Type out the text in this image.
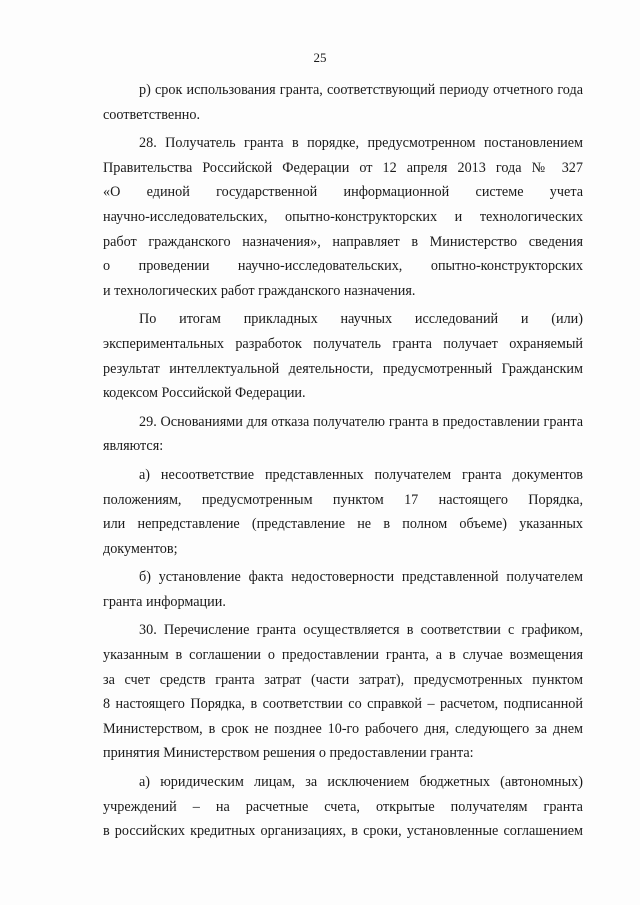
25
р) срок использования гранта, соответствующий периоду отчетного года
соответственно.
28. Получатель гранта в порядке, предусмотренном постановлением
Правительства Российской Федерации от 12 апреля 2013 года № 327
«О единой государственной информационной системе учета
научно-исследовательских, опытно-конструкторских и технологических
работ гражданского назначения», направляет в Министерство сведения
о проведении научно-исследовательских, опытно-конструкторских
и технологических работ гражданского назначения.
По итогам прикладных научных исследований и (или)
экспериментальных разработок получатель гранта получает охраняемый
результат интеллектуальной деятельности, предусмотренный Гражданским
кодексом Российской Федерации.
29. Основаниями для отказа получателю гранта в предоставлении гранта
являются:
а) несоответствие представленных получателем гранта документов
положениям, предусмотренным пунктом 17 настоящего Порядка,
или непредставление (представление не в полном объеме) указанных
документов;
б) установление факта недостоверности представленной получателем
гранта информации.
30. Перечисление гранта осуществляется в соответствии с графиком,
указанным в соглашении о предоставлении гранта, а в случае возмещения
за счет средств гранта затрат (части затрат), предусмотренных пунктом
8 настоящего Порядка, в соответствии со справкой – расчетом, подписанной
Министерством, в срок не позднее 10-го рабочего дня, следующего за днем
принятия Министерством решения о предоставлении гранта:
а) юридическим лицам, за исключением бюджетных (автономных)
учреждений – на расчетные счета, открытые получателям гранта
в российских кредитных организациях, в сроки, установленные соглашением
